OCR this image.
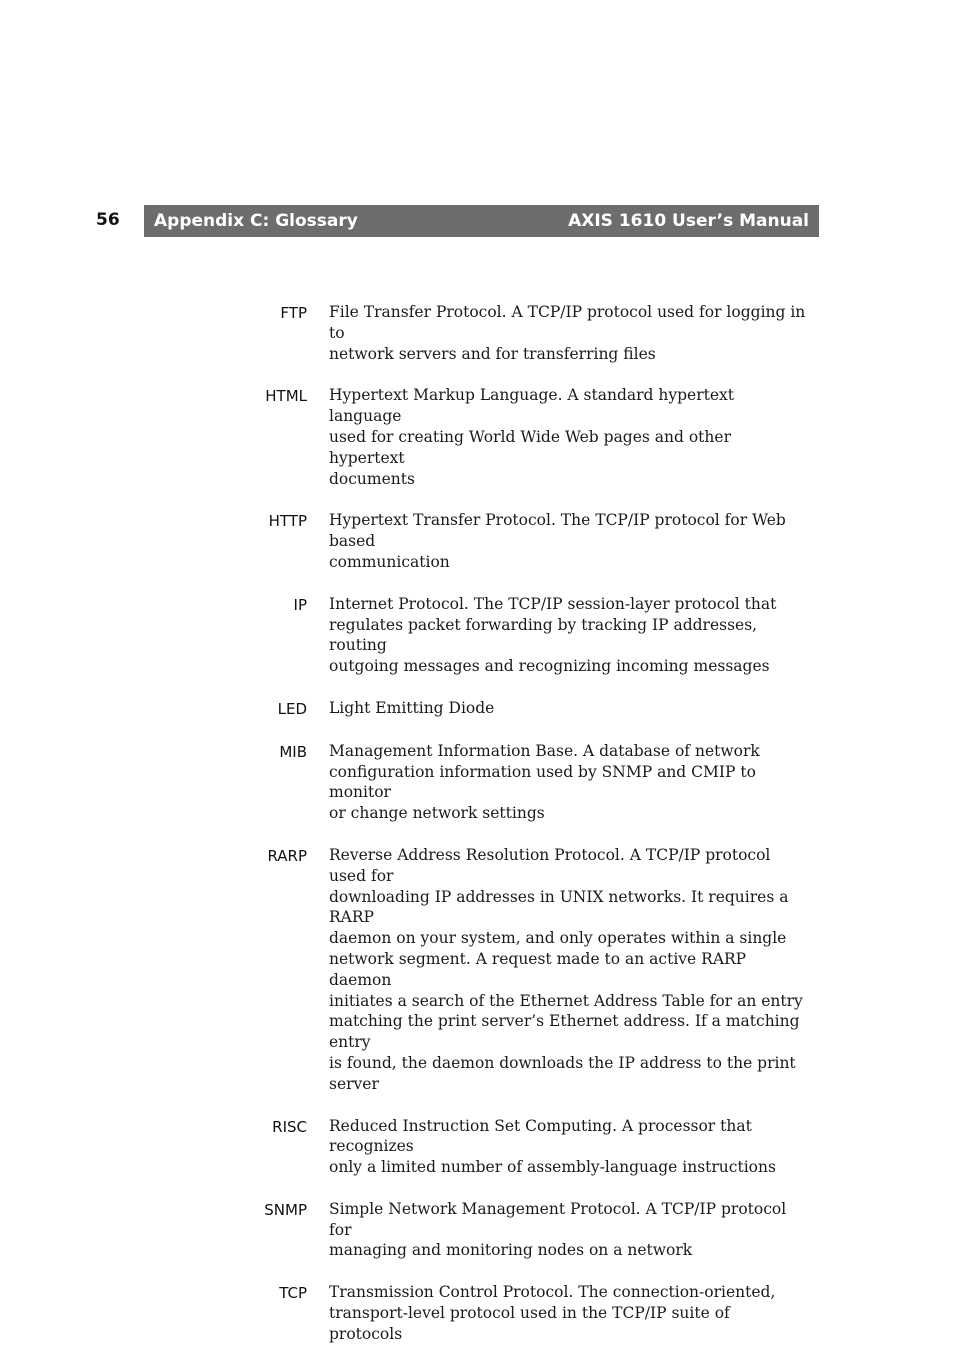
56 Appendix C: Glossary	AXIS 1610 User’s Manual
FTP File Transfer Protocol. A TCP/IP protocol used for logging in to
network servers and for transferring files
HTML Hypertext Markup Language. A standard hypertext language
used for creating World Wide Web pages and other hypertext
documents
HTTP Hypertext Transfer Protocol. The TCP/IP protocol for Web based
communication
IP Internet Protocol. The TCP/IP session-layer protocol that
regulates packet forwarding by tracking IP addresses, routing
outgoing messages and recognizing incoming messages
LED Light Emitting Diode
MIB Management Information Base. A database of network
configuration information used by SNMP and CMIP to monitor
or change network settings
RARP Reverse Address Resolution Protocol. A TCP/IP protocol used for
downloading IP addresses in UNIX networks. It requires a RARP
daemon on your system, and only operates within a single
network segment. A request made to an active RARP daemon
initiates a search of the Ethernet Address Table for an entry
matching the print server’s Ethernet address. If a matching entry
is found, the daemon downloads the IP address to the print
server
RISC Reduced Instruction Set Computing. A processor that recognizes
only a limited number of assembly-language instructions
SNMP Simple Network Management Protocol. A TCP/IP protocol for
managing and monitoring nodes on a network
TCP Transmission Control Protocol. The connection-oriented,
transport-level protocol used in the TCP/IP suite of protocols
